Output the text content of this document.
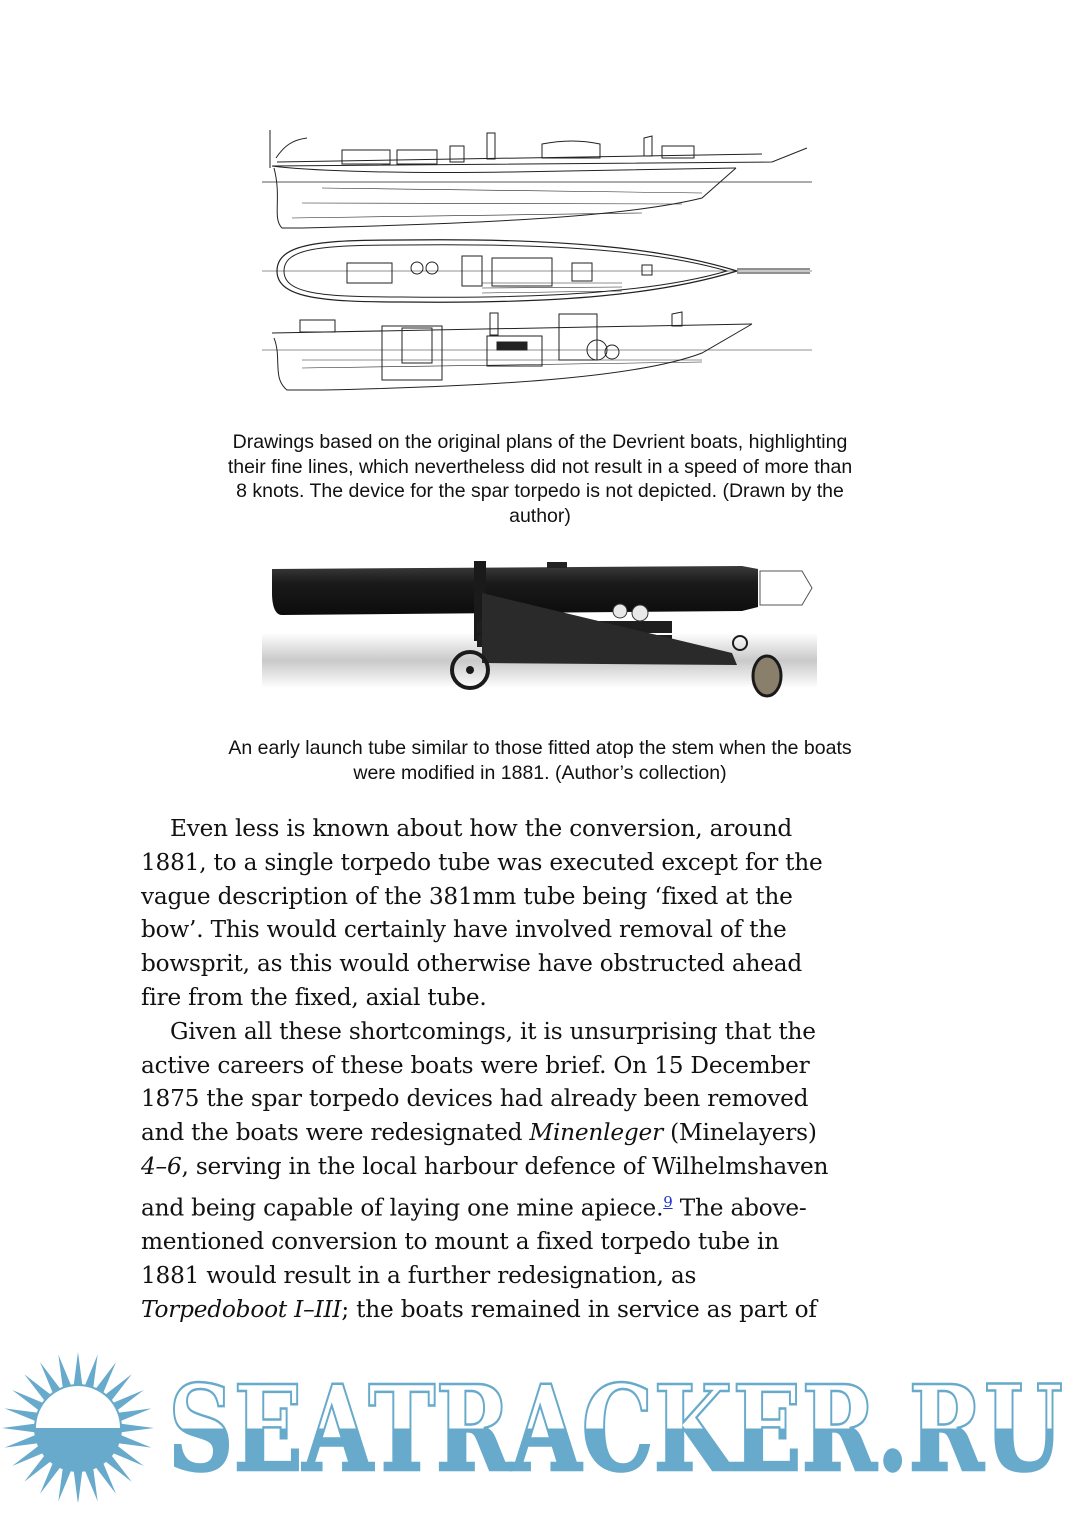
Drawings based on the original plans of the Devrient boats, highlighting
their fine lines, which nevertheless did not result in a speed of more than
8 knots. The device for the spar torpedo is not depicted. (Drawn by the
author)
An early launch tube similar to those fitted atop the stem when the boats
were modified in 1881. (Author’s collection)
Even less is known about how the conversion, around
1881, to a single torpedo tube was executed except for the
vague description of the 381mm tube being ‘fixed at the
bow’. This would certainly have involved removal of the
bowsprit, as this would otherwise have obstructed ahead
fire from the fixed, axial tube.
Given all these shortcomings, it is unsurprising that the
active careers of these boats were brief. On 15 December
1875 the spar torpedo devices had already been removed
and the boats were redesignated Minenleger (Minelayers)
4–6, serving in the local harbour defence of Wilhelmshaven
and being capable of laying one mine apiece.$^9$ The above-
mentioned conversion to mount a fixed torpedo tube in
1881 would result in a further redesignation, as
Torpedoboot I–III; the boats remained in service as part of
SEATRACKER.RU
